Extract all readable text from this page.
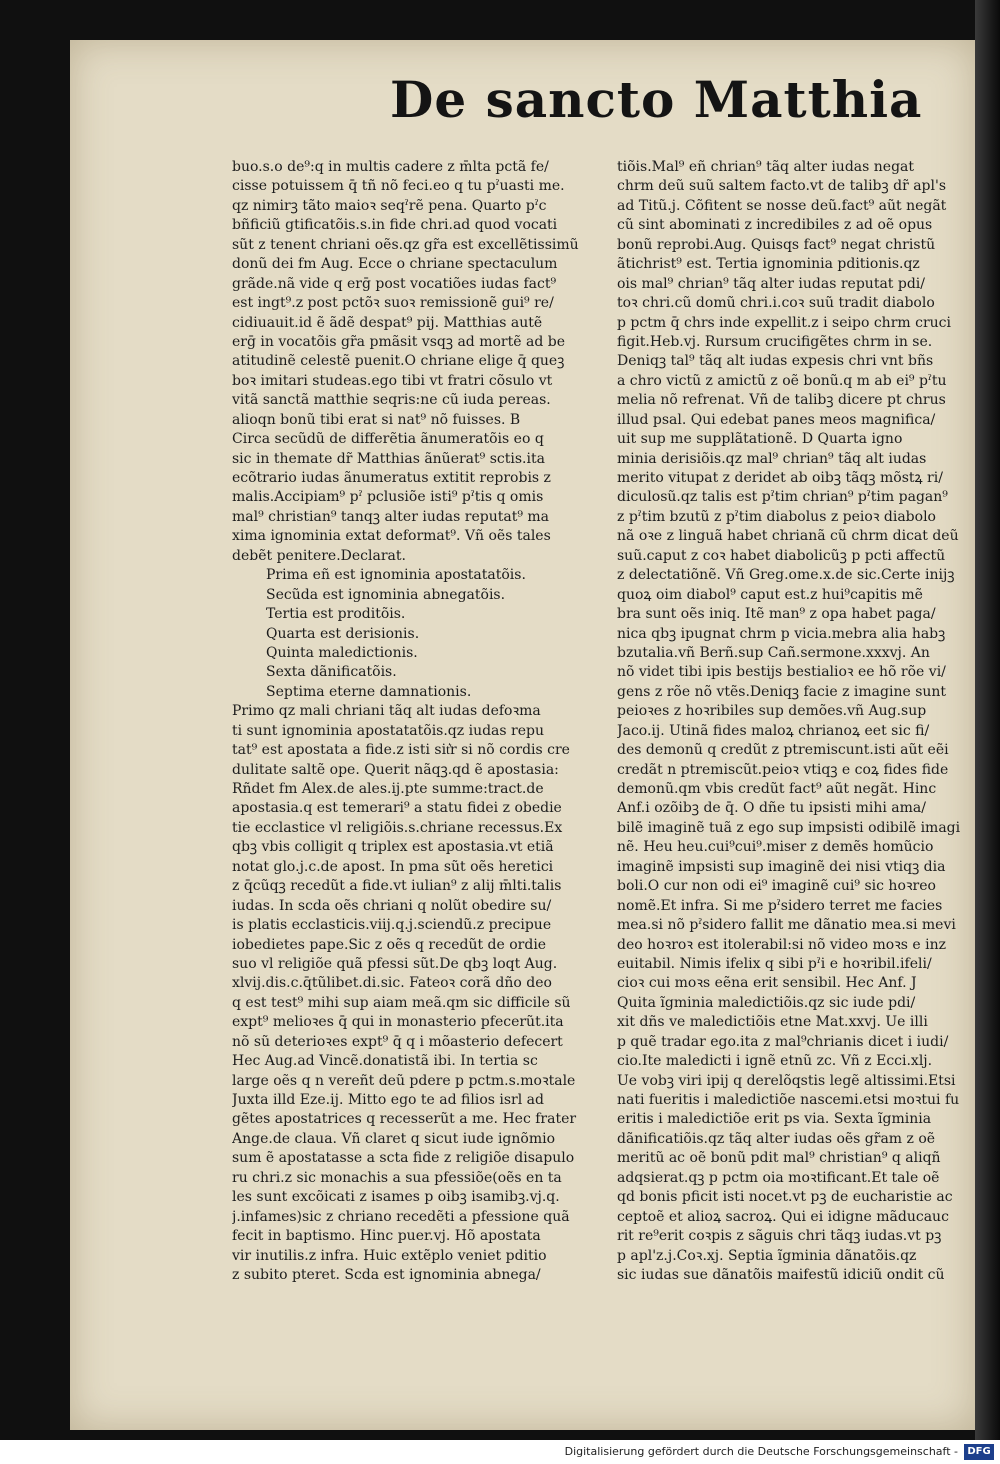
De sancto Matthia
buo.s.o de⁹:q in multis cadere z m̄lta pctã fe/
cisse potuissem q̄ tñ nõ feci.eo q tu pˀuasti me.
qz nimirꝫ tãto maioꝛ seqˀrẽ pena. Quarto pˀc
bñficiũ gtificatõis.s.in fide chri.ad quod vocati
sũt z tenent chriani oẽs.qz gr̃a est excellẽtissimũ
donũ dei fm Aug. Ecce o chriane spectaculum
grãde.nã vide q erḡ post vocatiões iudas fact⁹
est ingt⁹.z post pctõꝛ suoꝛ remissionẽ gui⁹ re/
cidiuauit.id ẽ ãdẽ despat⁹ pij. Matthias autẽ
erḡ in vocatõis gr̃a pmãsit vsqꝫ ad mortẽ ad be
atitudinẽ celestẽ puenit.O chriane elige q̄ queꝫ
boꝛ imitari studeas.ego tibi vt fratri cõsulo vt
vitã sanctã matthie seqris:ne cũ iuda pereas.
alioqn bonũ tibi erat si nat⁹ nõ fuisses. B
Circa secũdũ de differẽtia ãnumeratõis eo q
sic in themate dr̃ Matthias ãnũerat⁹ sctis.ita
ecõtrario iudas ãnumeratus extitit reprobis z
malis.Accipiam⁹ pˀ pclusiõe isti⁹ pˀtis q omis
mal⁹ christian⁹ tanqꝫ alter iudas reputat⁹ ma
xima ignominia extat deformat⁹. Vñ oẽs tales
debẽt penitere.Declarat.
Prima eñ est ignominia apostatatõis.
Secũda est ignominia abnegatõis.
Tertia est proditõis.
Quarta est derisionis.
Quinta maledictionis.
Sexta dãnificatõis.
Septima eterne damnationis.
Primo qz mali chriani tãq alt iudas defoꝛma
ti sunt ignominia apostatatõis.qz iudas repu
tat⁹ est apostata a fide.z isti sit͛r si nõ cordis cre
dulitate saltẽ ope. Querit nãqꝫ.qd ẽ apostasia:
Rñdet fm Alex.de ales.ij.pte summe:tract.de
apostasia.q est temerari⁹ a statu fidei z obedie
tie ecclastice vl religiõis.s.chriane recessus.Ex
qbꝫ vbis colligit q triplex est apostasia.vt etiã
notat glo.j.c.de apost. In pma sũt oẽs heretici
z q̄cũqꝫ recedũt a fide.vt iulian⁹ z alij m̄lti.talis
iudas. In scda oẽs chriani q nolũt obedire su/
is platis ecclasticis.viij.q.j.sciendũ.z precipue
iobedietes pape.Sic z oẽs q recedũt de ordie
suo vl religiõe quã pfessi sũt.De qbꝫ loqt Aug.
xlvij.dis.c.q̄tũlibet.di.sic. Fateoꝛ corã dño deo
q est test⁹ mihi sup aiam meã.qm sic difficile sũ
expt⁹ melioꝛes q̄ qui in monasterio pfecerũt.ita
nõ sũ deterioꝛes expt⁹ q̄ q i mõasterio defecert
Hec Aug.ad Vincẽ.donatistã ibi. In tertia sc
large oẽs q n vereñt deũ pdere p pctm.s.moꝛtale
Juxta illd Eze.ij. Mitto ego te ad filios isrl ad
gẽtes apostatrices q recesserũt a me. Hec frater
Ange.de claua. Vñ claret q sicut iude ignõmio
sum ẽ apostatasse a scta fide z religiõe disapulo
ru chri.z sic monachis a sua pfessiõe(oẽs en ta
les sunt excõicati z isames p oibꝫ isamibꝫ.vj.q.
j.infames)sic z chriano recedẽti a pfessione quã
fecit in baptismo. Hinc puer.vj. Hõ apostata
vir inutilis.z infra. Huic extẽplo veniet pditio
z subito pteret. Scda est ignominia abnega/
tiõis.Mal⁹ eñ chrian⁹ tãq alter iudas negat
chrm deũ suũ saltem facto.vt de talibꝫ dr̃ apl's
ad Titũ.j. Cõfitent se nosse deũ.fact⁹ aũt negãt
cũ sint abominati z incredibiles z ad oẽ opus
bonũ reprobi.Aug. Quisqs fact⁹ negat christũ
ãtichrist⁹ est. Tertia ignominia pditionis.qz
ois mal⁹ chrian⁹ tãq alter iudas reputat pdi/
toꝛ chri.cũ domũ chri.i.coꝛ suũ tradit diabolo
p pctm q̄ chrs inde expellit.z i seipo chrm cruci
figit.Heb.vj. Rursum crucifigẽtes chrm in se.
Deniqꝫ tal⁹ tãq alt iudas expesis chri vnt bñs
a chro victũ z amictũ z oẽ bonũ.q m ab ei⁹ pˀtu
melia nõ refrenat. Vñ de talibꝫ dicere pt chrus
illud psal. Qui edebat panes meos magnifica/
uit sup me supplãtationẽ. D Quarta igno
minia derisiõis.qz mal⁹ chrian⁹ tãq alt iudas
merito vitupat z deridet ab oibꝫ tãqꝫ mõstꝝ ri/
diculosũ.qz talis est pˀtim chrian⁹ pˀtim pagan⁹
z pˀtim bzutũ z pˀtim diabolus z peioꝛ diabolo
nã oꝛe z linguã habet chrianã cũ chrm dicat deũ
suũ.caput z coꝛ habet diabolicũꝫ p pcti affectũ
z delectatiõnẽ. Vñ Greg.ome.x.de sic.Certe inijꝫ
quoꝝ oim diabol⁹ caput est.z hui⁹capitis mẽ
bra sunt oẽs iniq. Itẽ man⁹ z opa habet paga/
nica qbꝫ ipugnat chrm p vicia.mebra alia habꝫ
bzutalia.vñ Berñ.sup Cañ.sermone.xxxvj. An
nõ videt tibi ipis bestijs bestialioꝛ ee hõ rõe vi/
gens z rõe nõ vtẽs.Deniqꝫ facie z imagine sunt
peioꝛes z hoꝛribiles sup demões.vñ Aug.sup
Jaco.ij. Utinã fides maloꝝ chrianoꝝ eet sic fi/
des demonũ q credũt z ptremiscunt.isti aũt eẽi
credãt n ptremiscũt.peioꝛ vtiqꝫ e coꝝ fides fide
demonũ.qm vbis credũt fact⁹ aũt negãt. Hinc
Anf.i ozõibꝫ de q̄. O dñe tu ipsisti mihi ama/
bilẽ imaginẽ tuã z ego sup impsisti odibilẽ imagi
nẽ. Heu heu.cui⁹cui⁹.miser z demẽs homũcio
imaginẽ impsisti sup imaginẽ dei nisi vtiqꝫ dia
boli.O cur non odi ei⁹ imaginẽ cui⁹ sic hoꝛreo
nomẽ.Et infra. Si me pˀsidero terret me facies
mea.si nõ pˀsidero fallit me dãnatio mea.si mevi
deo hoꝛroꝛ est itolerabil:si nõ video moꝛs e inz
euitabil. Nimis ifelix q sibi pˀi e hoꝛribil.ifeli/
cioꝛ cui moꝛs eẽna erit sensibil. Hec Anf. J
Quita ĩgminia maledictiõis.qz sic iude pdi/
xit dñs ve maledictiõis etne Mat.xxvj. Ue illi
p quẽ tradar ego.ita z mal⁹chrianis dicet i iudi/
cio.Ite maledicti i ignẽ etnũ zc. Vñ z Ecci.xlj.
Ue vobꝫ viri ipij q derelõqstis legẽ altissimi.Etsi
nati fueritis i maledictiõe nascemi.etsi moꝛtui fu
eritis i maledictiõe erit ps via. Sexta ĩgminia
dãnificatiõis.qz tãq alter iudas oẽs gr̃am z oẽ
meritũ ac oẽ bonũ pdit mal⁹ christian⁹ q aliqñ
adqsierat.qꝫ p pctm oia moꝛtificant.Et tale oẽ
qd bonis pficit isti nocet.vt pꝫ de eucharistie ac
ceptoẽ et alioꝝ sacroꝝ. Qui ei idigne mãducauc
rit re⁹erit coꝛpis z sãguis chri tãqꝫ iudas.vt pꝫ
p apl'z.j.Coꝛ.xj. Septia ĩgminia dãnatõis.qz
sic iudas sue dãnatõis maifestũ idiciũ ondit cũ
Digitalisierung gefördert durch die Deutsche Forschungsgemeinschaft - DFG
